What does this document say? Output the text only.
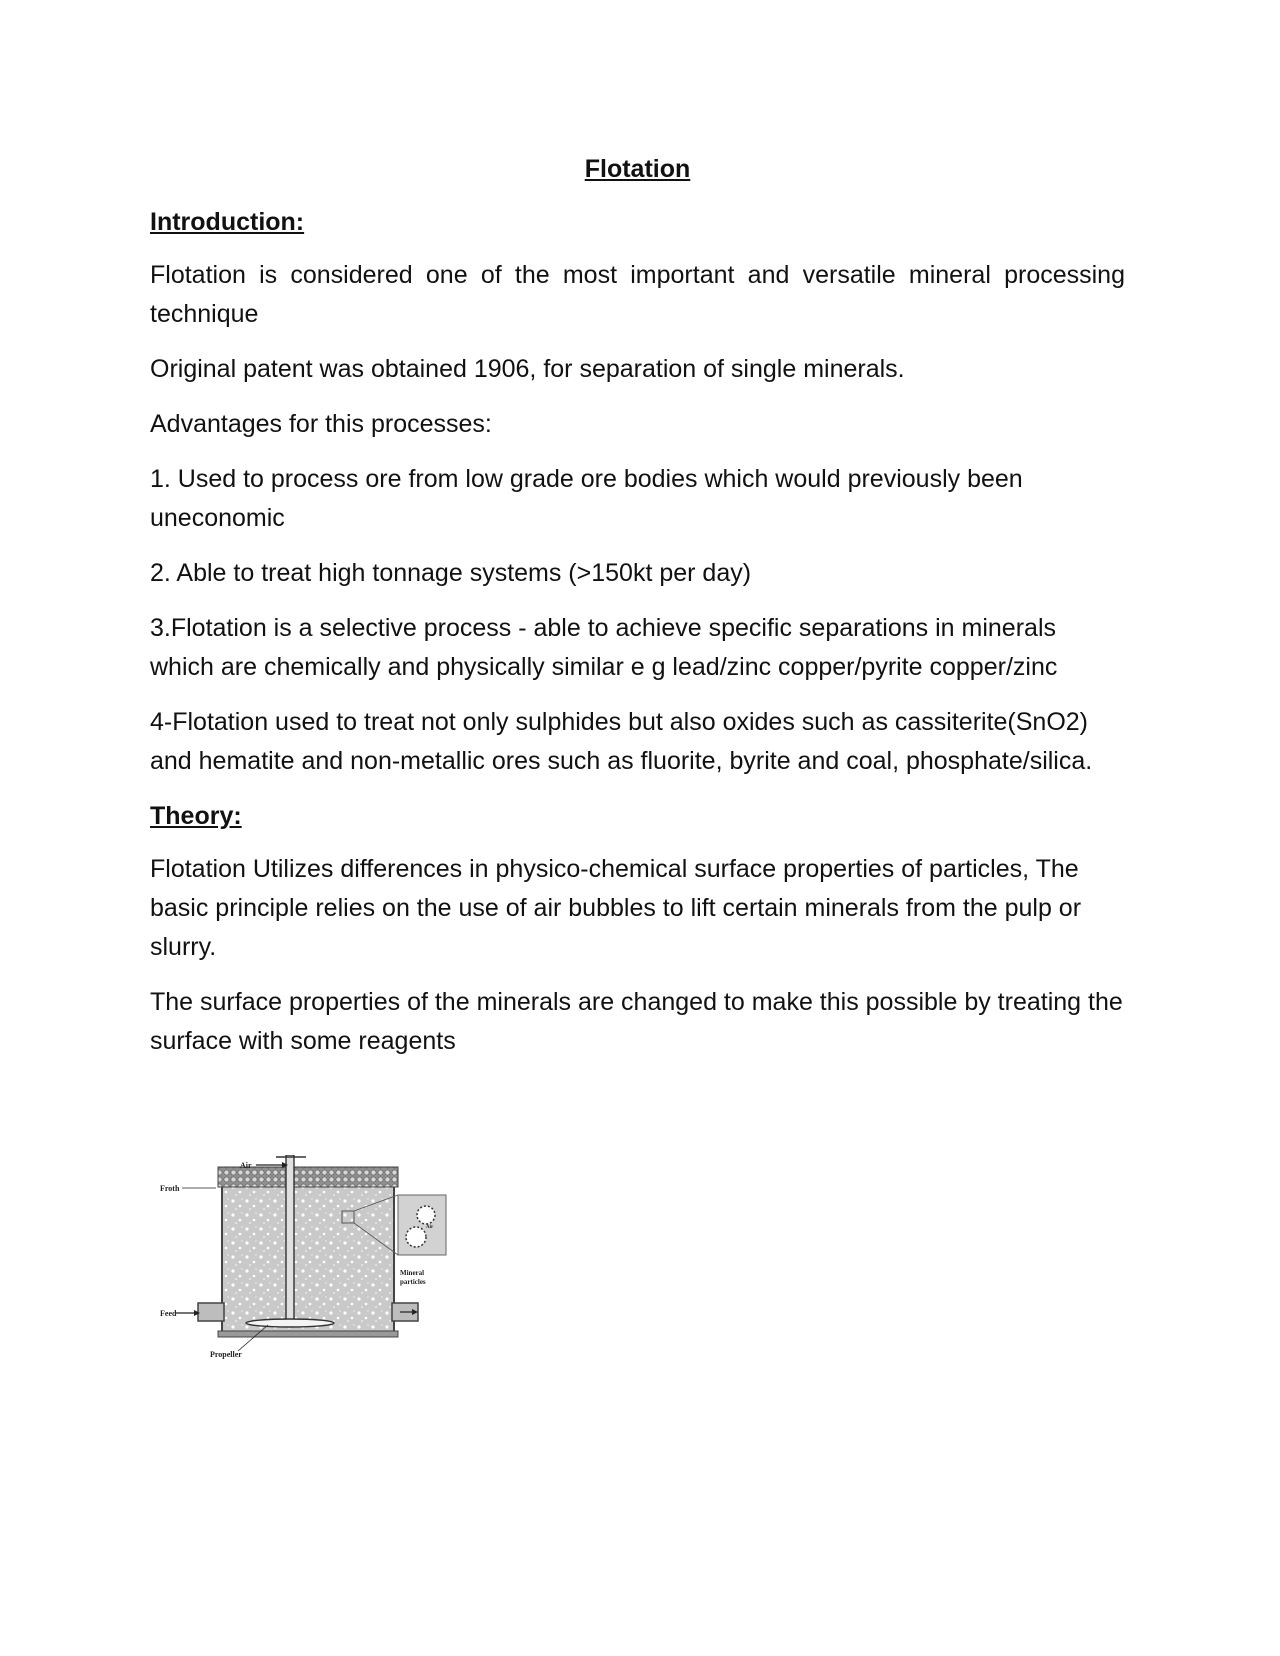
Flotation
Introduction:

Flotation is considered one of the most important and versatile mineral processing technique

Original patent was obtained 1906, for separation of single minerals.

Advantages for this processes:

1. Used to process ore from low grade ore bodies which would previously been uneconomic

2. Able to treat high tonnage systems (>150kt per day)

3.Flotation is a selective process - able to achieve specific separations in minerals which are chemically and physically similar e g lead/zinc copper/pyrite copper/zinc

4-Flotation used to treat not only sulphides but also oxides such as cassiterite(SnO2) and hematite and non-metallic ores such as fluorite, byrite and coal, phosphate/silica.

Theory:

Flotation Utilizes differences in physico-chemical surface properties of particles, The basic principle relies on the use of air bubbles to lift certain minerals from the pulp or slurry.

The surface properties of the minerals are changed to make this possible by treating the surface with some reagents

Air
Froth
Feed
Propeller
Air
Mineral
particles
